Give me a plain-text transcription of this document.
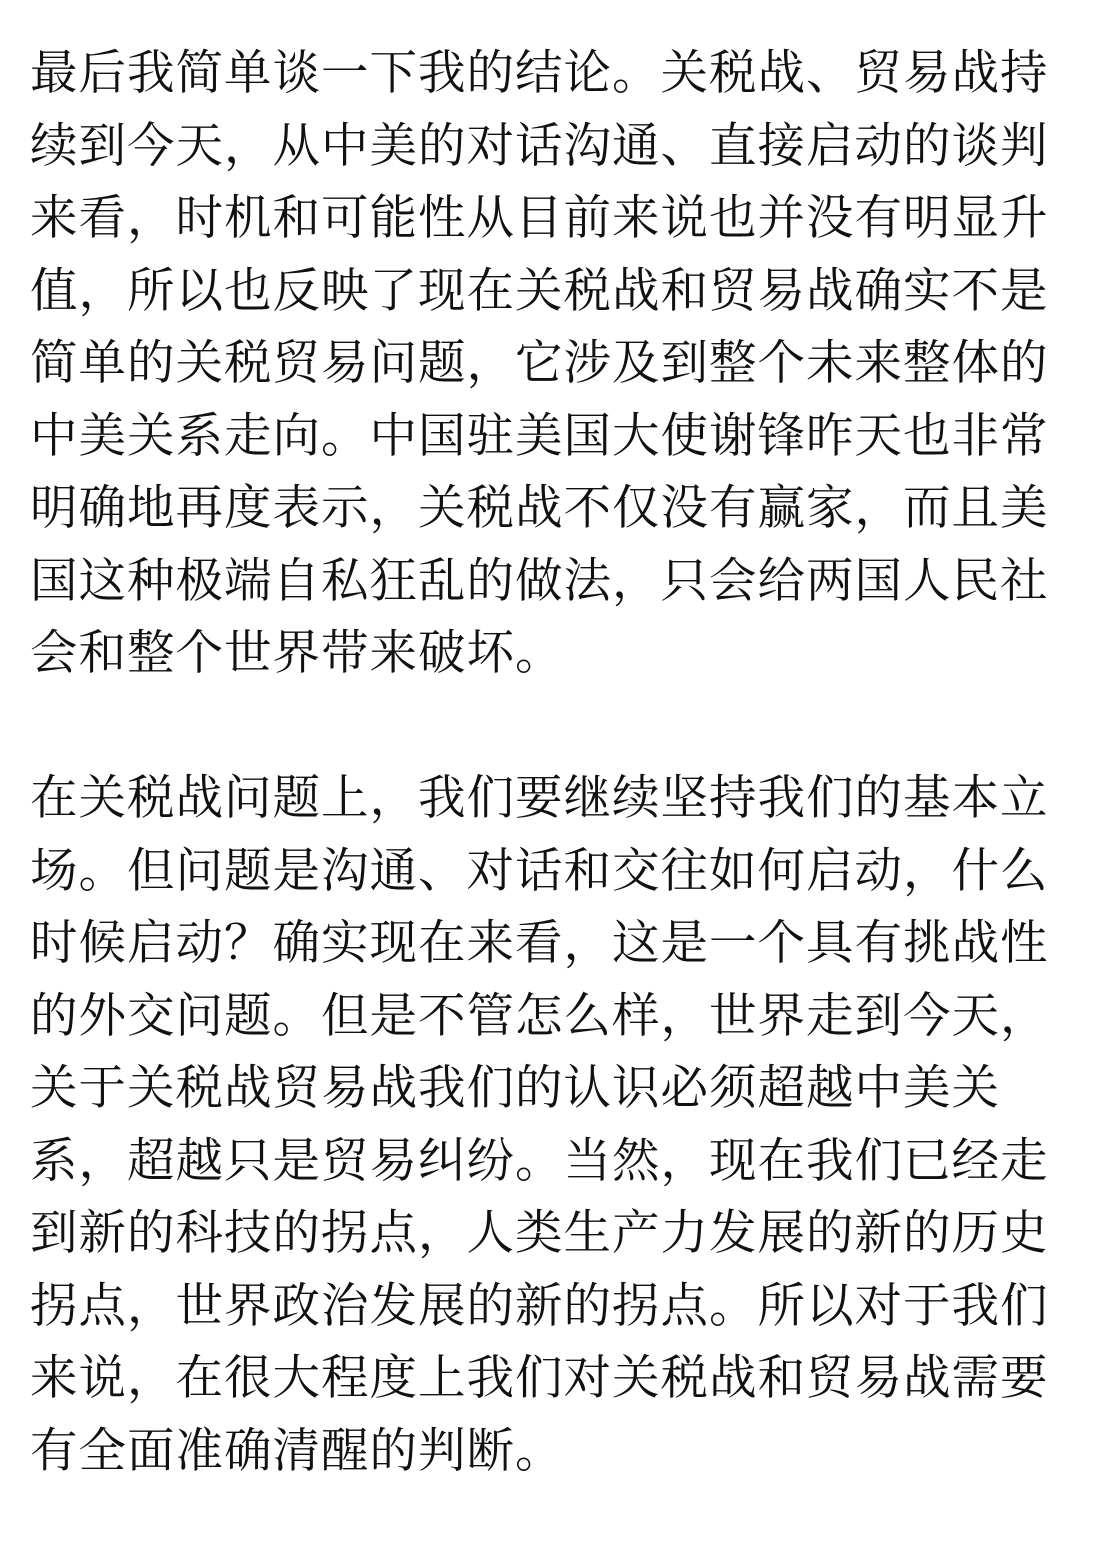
最后我简单谈一下我的结论。关税战、贸易战持
续到今天，从中美的对话沟通、直接启动的谈判
来看，时机和可能性从目前来说也并没有明显升
值，所以也反映了现在关税战和贸易战确实不是
简单的关税贸易问题，它涉及到整个未来整体的
中美关系走向。中国驻美国大使谢锋昨天也非常
明确地再度表示，关税战不仅没有赢家，而且美
国这种极端自私狂乱的做法，只会给两国人民社
会和整个世界带来破坏。
在关税战问题上，我们要继续坚持我们的基本立
场。但问题是沟通、对话和交往如何启动，什么
时候启动？确实现在来看，这是一个具有挑战性
的外交问题。但是不管怎么样，世界走到今天，
关于关税战贸易战我们的认识必须超越中美关
系，超越只是贸易纠纷。当然，现在我们已经走
到新的科技的拐点，人类生产力发展的新的历史
拐点，世界政治发展的新的拐点。所以对于我们
来说，在很大程度上我们对关税战和贸易战需要
有全面准确清醒的判断。
